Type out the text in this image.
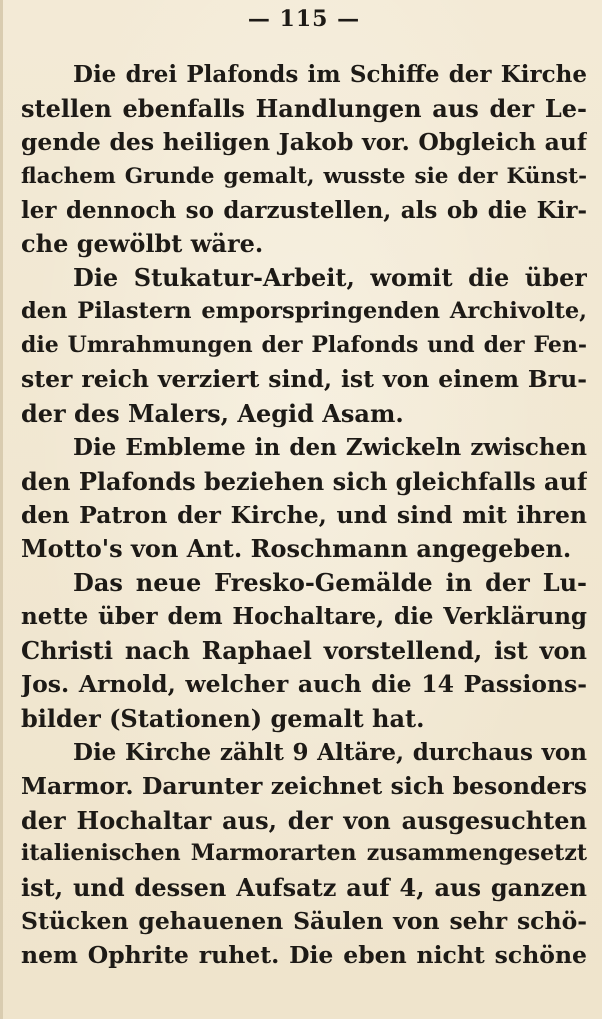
— 115 —
Die drei Plafonds im Schiffe der Kirche
stellen ebenfalls Handlungen aus der Le-
gende des heiligen Jakob vor. Obgleich auf
flachem Grunde gemalt, wusste sie der Künst-
ler dennoch so darzustellen, als ob die Kir-
che gewölbt wäre.
Die Stukatur-Arbeit, womit die über
den Pilastern emporspringenden Archivolte,
die Umrahmungen der Plafonds und der Fen-
ster reich verziert sind, ist von einem Bru-
der des Malers, Aegid Asam.
Die Embleme in den Zwickeln zwischen
den Plafonds beziehen sich gleichfalls auf
den Patron der Kirche, und sind mit ihren
Motto's von Ant. Roschmann angegeben.
Das neue Fresko-Gemälde in der Lu-
nette über dem Hochaltare, die Verklärung
Christi nach Raphael vorstellend, ist von
Jos. Arnold, welcher auch die 14 Passions-
bilder (Stationen) gemalt hat.
Die Kirche zählt 9 Altäre, durchaus von
Marmor. Darunter zeichnet sich besonders
der Hochaltar aus, der von ausgesuchten
italienischen Marmorarten zusammengesetzt
ist, und dessen Aufsatz auf 4, aus ganzen
Stücken gehauenen Säulen von sehr schö-
nem Ophrite ruhet. Die eben nicht schöne
